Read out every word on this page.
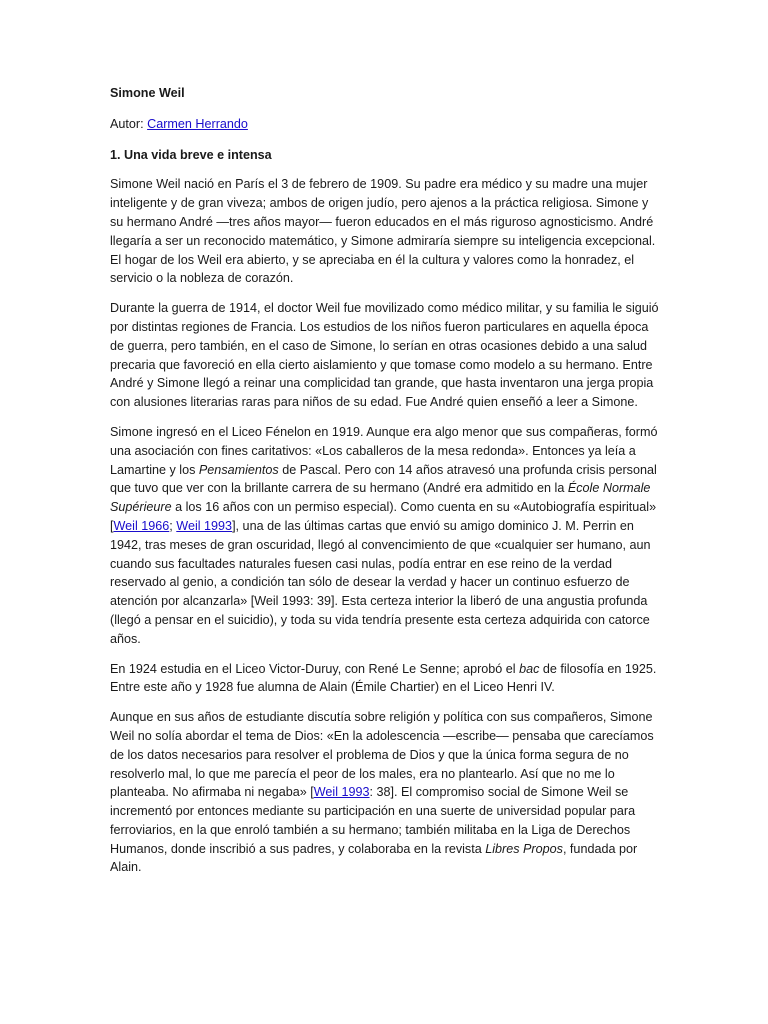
Simone Weil
Autor: Carmen Herrando
1. Una vida breve e intensa

Simone Weil nació en París el 3 de febrero de 1909. Su padre era médico y su madre una mujer inteligente y de gran viveza; ambos de origen judío, pero ajenos a la práctica religiosa. Simone y su hermano André —tres años mayor— fueron educados en el más riguroso agnosticismo. André llegaría a ser un reconocido matemático, y Simone admiraría siempre su inteligencia excepcional. El hogar de los Weil era abierto, y se apreciaba en él la cultura y valores como la honradez, el servicio o la nobleza de corazón.

Durante la guerra de 1914, el doctor Weil fue movilizado como médico militar, y su familia le siguió por distintas regiones de Francia. Los estudios de los niños fueron particulares en aquella época de guerra, pero también, en el caso de Simone, lo serían en otras ocasiones debido a una salud precaria que favoreció en ella cierto aislamiento y que tomase como modelo a su hermano. Entre André y Simone llegó a reinar una complicidad tan grande, que hasta inventaron una jerga propia con alusiones literarias raras para niños de su edad. Fue André quien enseñó a leer a Simone.

Simone ingresó en el Liceo Fénelon en 1919. Aunque era algo menor que sus compañeras, formó una asociación con fines caritativos: «Los caballeros de la mesa redonda». Entonces ya leía a Lamartine y los Pensamientos de Pascal. Pero con 14 años atravesó una profunda crisis personal que tuvo que ver con la brillante carrera de su hermano (André era admitido en la École Normale Supérieure a los 16 años con un permiso especial). Como cuenta en su «Autobiografía espiritual» [Weil 1966; Weil 1993], una de las últimas cartas que envió su amigo dominico J. M. Perrin en 1942, tras meses de gran oscuridad, llegó al convencimiento de que «cualquier ser humano, aun cuando sus facultades naturales fuesen casi nulas, podía entrar en ese reino de la verdad reservado al genio, a condición tan sólo de desear la verdad y hacer un continuo esfuerzo de atención por alcanzarla» [Weil 1993: 39]. Esta certeza interior la liberó de una angustia profunda (llegó a pensar en el suicidio), y toda su vida tendría presente esta certeza adquirida con catorce años.

En 1924 estudia en el Liceo Victor-Duruy, con René Le Senne; aprobó el bac de filosofía en 1925. Entre este año y 1928 fue alumna de Alain (Émile Chartier) en el Liceo Henri IV.

Aunque en sus años de estudiante discutía sobre religión y política con sus compañeros, Simone Weil no solía abordar el tema de Dios: «En la adolescencia —escribe— pensaba que carecíamos de los datos necesarios para resolver el problema de Dios y que la única forma segura de no resolverlo mal, lo que me parecía el peor de los males, era no plantearlo. Así que no me lo planteaba. No afirmaba ni negaba» [Weil 1993: 38]. El compromiso social de Simone Weil se incrementó por entonces mediante su participación en una suerte de universidad popular para ferroviarios, en la que enroló también a su hermano; también militaba en la Liga de Derechos Humanos, donde inscribió a sus padres, y colaboraba en la revista Libres Propos, fundada por Alain.
